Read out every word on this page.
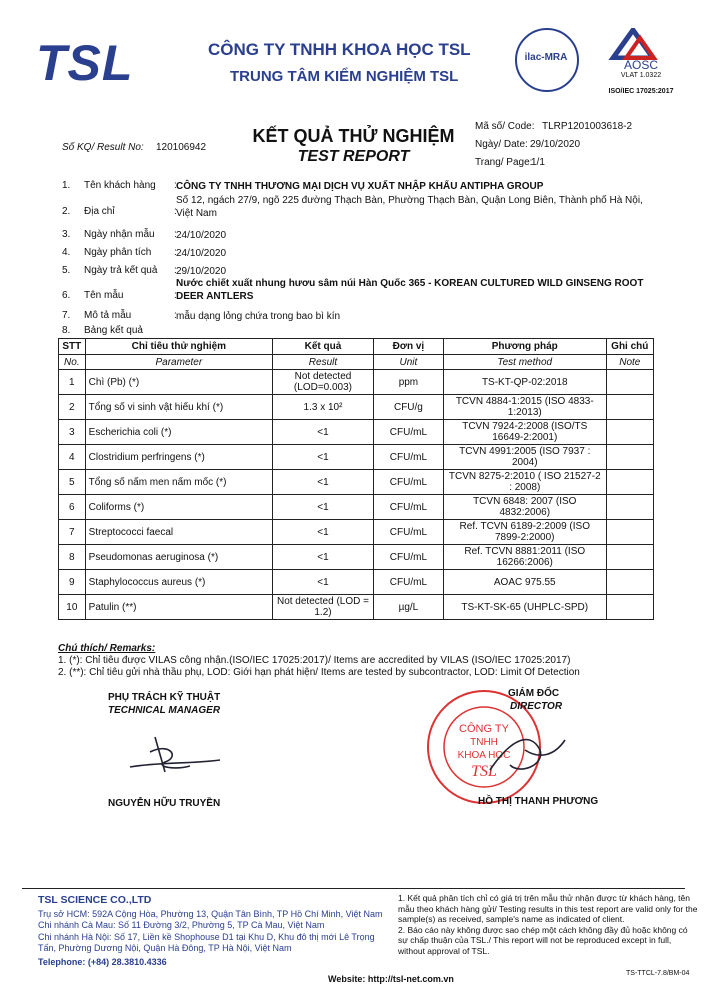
TSL	CÔNG TY TNHH KHOA HỌC TSL
TRUNG TÂM KIỂM NGHIỆM TSL
ilac-MRA
AOSC
VLAT 1.0322
ISO/IEC 17025:2017
KẾT QUẢ THỬ NGHIỆM
TEST REPORT
Số KQ/ Result No: 120106942
Mã số/ Code: TLRP1201003618-2
Ngày/ Date: 29/10/2020
Trang/ Page:
1/1
1. Tên khách hàng : CÔNG TY TNHH THƯƠNG MẠI DỊCH VỤ XUẤT NHẬP KHẨU ANTIPHA GROUP
2. Địa chỉ	:
Số 12, ngách 27/9, ngõ 225 đường Thạch Bàn, Phường Thạch Bàn, Quận Long Biên, Thành phố Hà Nội, Việt Nam
3. Ngày nhận mẫu : 24/10/2020
4. Ngày phân tích : 24/10/2020
5. Ngày trả kết quả : 29/10/2020
6. Tên mẫu	:
Nước chiết xuất nhung hươu sâm núi Hàn Quốc 365 - KOREAN CULTURED WILD GINSENG ROOT DEER ANTLERS
7. Mô tả mẫu	: mẫu dạng lỏng chứa trong bao bì kín
8. Bảng kết quả
STT	Chỉ tiêu thử nghiệm	Kết quả	Đơn vị	Phương pháp	Ghi chú
No.	Parameter	Result	Unit	Test method	Note
1	Chì (Pb) (*)	Not detected (LOD=0.003)	ppm	TS-KT-QP-02:2018	
2	Tổng số vi sinh vật hiếu khí (*)	1.3 x 10²	CFU/g	TCVN 4884-1:2015 (ISO 4833-1:2013)	
3	Escherichia coli (*)	<1	CFU/mL	TCVN 7924-2:2008 (ISO/TS 16649-2:2001)	
4	Clostridium perfringens (*)	<1	CFU/mL	TCVN 4991:2005 (ISO 7937 : 2004)	
5	Tổng số nấm men nấm mốc (*)	<1	CFU/mL	TCVN 8275-2:2010 ( ISO 21527-2 : 2008)	
6	Coliforms (*)	<1	CFU/mL	TCVN 6848: 2007 (ISO 4832:2006)	
7	Streptococci faecal	<1	CFU/mL	Ref. TCVN 6189-2:2009 (ISO 7899-2:2000)	
8	Pseudomonas aeruginosa (*)	<1	CFU/mL	Ref. TCVN 8881:2011 (ISO 16266:2006)	
9	Staphylococcus aureus (*)	<1	CFU/mL	AOAC 975.55	
10	Patulin (**)	Not detected (LOD = 1.2)	µg/L	TS-KT-SK-65 (UHPLC-SPD)	
Chú thích/ Remarks:
1. (*): Chỉ tiêu được VILAS công nhận.(ISO/IEC 17025:2017)/ Items are accredited by VILAS (ISO/IEC 17025:2017)
2. (**): Chỉ tiêu gửi nhà thầu phụ, LOD: Giới hạn phát hiện/ Items are tested by subcontractor, LOD: Limit Of Detection
PHỤ TRÁCH KỸ THUẬT
TECHNICAL MANAGER
NGUYỄN HỮU TRUYỀN
CÔNG TY
TNHH
KHOA HỌC
TSL
GIÁM ĐỐC
DIRECTOR
HỒ THỊ THANH PHƯƠNG
TSL SCIENCE CO.,LTD
Trụ sở HCM: 592A Cộng Hòa, Phường 13, Quận Tân Bình, TP Hồ Chí Minh, Việt Nam
Chi nhánh Cà Mau: Số 11 Đường 3/2, Phường 5, TP Cà Mau, Việt Nam
Chi nhánh Hà Nội: Số 17, Liền kề Shophouse D1 tại Khu D, Khu đô thị mới Lê Trọng Tấn, Phường Dương Nội, Quận Hà Đông, TP Hà Nội, Việt Nam
Telephone: (+84) 28.3810.4336
Website: http://tsl-net.com.vn
1. Kết quả phân tích chỉ có giá trị trên mẫu thử nhận được từ khách hàng, tên mẫu theo khách hàng gửi/ Testing results in this test report are valid only for the sample(s) as received, sample's name as indicated of client.
2. Báo cáo này không được sao chép một cách không đầy đủ hoặc không có sự chấp thuận của TSL./ This report will not be reproduced except in full, without approval of TSL.
TS-TTCL-7.8/BM-04
